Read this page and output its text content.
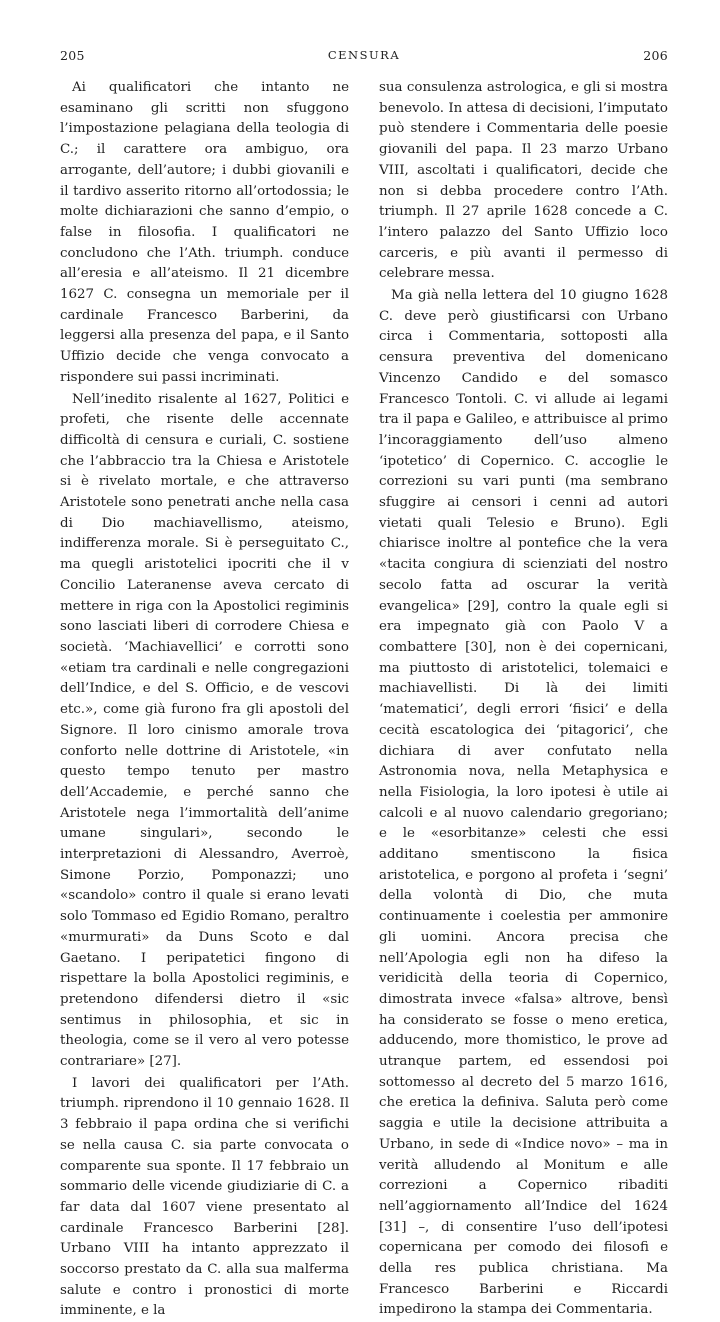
205	CENSURA	206

Ai qualificatori che intanto ne esaminano gli scritti non sfuggono l’impostazione pelagiana della teologia di C.; il carattere ora ambiguo, ora arrogante, dell’autore; i dubbi giovanili e il tardivo asserito ritorno all’ortodossia; le molte dichiarazioni che sanno d’empio, o false in filosofia. I qualificatori ne concludono che l’Ath. triumph. conduce all’eresia e all’ateismo. Il 21 dicembre 1627 C. consegna un memoriale per il cardinale Francesco Barberini, da leggersi alla presenza del papa, e il Santo Uffizio decide che venga convocato a rispondere sui passi incriminati.

Nell’inedito risalente al 1627, Politici e profeti, che risente delle accennate difficoltà di censura e curiali, C. sostiene che l’abbraccio tra la Chiesa e Aristotele si è rivelato mortale, e che attraverso Aristotele sono penetrati anche nella casa di Dio machiavellismo, ateismo, indifferenza morale. Si è perseguitato C., ma quegli aristotelici ipocriti che il v Concilio Lateranense aveva cercato di mettere in riga con la Apostolici regiminis sono lasciati liberi di corrodere Chiesa e società. ‘Machiavellici’ e corrotti sono «etiam tra cardinali e nelle congregazioni dell’Indice, e del S. Officio, e de vescovi etc.», come già furono fra gli apostoli del Signore. Il loro cinismo amorale trova conforto nelle dottrine di Aristotele, «in questo tempo tenuto per mastro dell’Accademie, e perché sanno che Aristotele nega l’immortalità dell’anime umane singulari», secondo le interpretazioni di Alessandro, Averroè, Simone Porzio, Pomponazzi; uno «scandolo» contro il quale si erano levati solo Tommaso ed Egidio Romano, peraltro «murmurati» da Duns Scoto e dal Gaetano. I peripatetici fingono di rispettare la bolla Apostolici regiminis, e pretendono difendersi dietro il «sic sentimus in philosophia, et sic in theologia, come se il vero al vero potesse contrariare» [27].

I lavori dei qualificatori per l’Ath. triumph. riprendono il 10 gennaio 1628. Il 3 febbraio il papa ordina che si verifichi se nella causa C. sia parte convocata o comparente sua sponte. Il 17 febbraio un sommario delle vicende giudiziarie di C. a far data dal 1607 viene presentato al cardinale Francesco Barberini [28]. Urbano VIII ha intanto apprezzato il soccorso prestato da C. alla sua malferma salute e contro i pronostici di morte imminente, e la

sua consulenza astrologica, e gli si mostra benevolo. In attesa di decisioni, l’imputato può stendere i Commentaria delle poesie giovanili del papa. Il 23 marzo Urbano VIII, ascoltati i qualificatori, decide che non si debba procedere contro l’Ath. triumph. Il 27 aprile 1628 concede a C. l’intero palazzo del Santo Uffizio loco carceris, e più avanti il permesso di celebrare messa.

Ma già nella lettera del 10 giugno 1628 C. deve però giustificarsi con Urbano circa i Commentaria, sottoposti alla censura preventiva del domenicano Vincenzo Candido e del somasco Francesco Tontoli. C. vi allude ai legami tra il papa e Galileo, e attribuisce al primo l’incoraggiamento dell’uso almeno ‘ipotetico’ di Copernico. C. accoglie le correzioni su vari punti (ma sembrano sfuggire ai censori i cenni ad autori vietati quali Telesio e Bruno). Egli chiarisce inoltre al pontefice che la vera «tacita congiura di scienziati del nostro secolo fatta ad oscurar la verità evangelica» [29], contro la quale egli si era impegnato già con Paolo V a combattere [30], non è dei copernicani, ma piuttosto di aristotelici, tolemaici e machiavellisti. Di là dei limiti ‘matematici’, degli errori ‘fisici’ e della cecità escatologica dei ‘pitagorici’, che dichiara di aver confutato nella Astronomia nova, nella Metaphysica e nella Fisiologia, la loro ipotesi è utile ai calcoli e al nuovo calendario gregoriano; e le «esorbitanze» celesti che essi additano smentiscono la fisica aristotelica, e porgono al profeta i ‘segni’ della volontà di Dio, che muta continuamente i coelestia per ammonire gli uomini. Ancora precisa che nell’Apologia egli non ha difeso la veridicità della teoria di Copernico, dimostrata invece «falsa» altrove, bensì ha considerato se fosse o meno eretica, adducendo, more thomistico, le prove ad utranque partem, ed essendosi poi sottomesso al decreto del 5 marzo 1616, che eretica la definiva. Saluta però come saggia e utile la decisione attribuita a Urbano, in sede di «Indice novo» – ma in verità alludendo al Monitum e alle correzioni a Copernico ribaditi nell’aggiornamento all’Indice del 1624 [31] –, di consentire l’uso dell’ipotesi copernicana per comodo dei filosofi e della res publica christiana. Ma Francesco Barberini e Riccardi impedirono la stampa dei Commentaria.
